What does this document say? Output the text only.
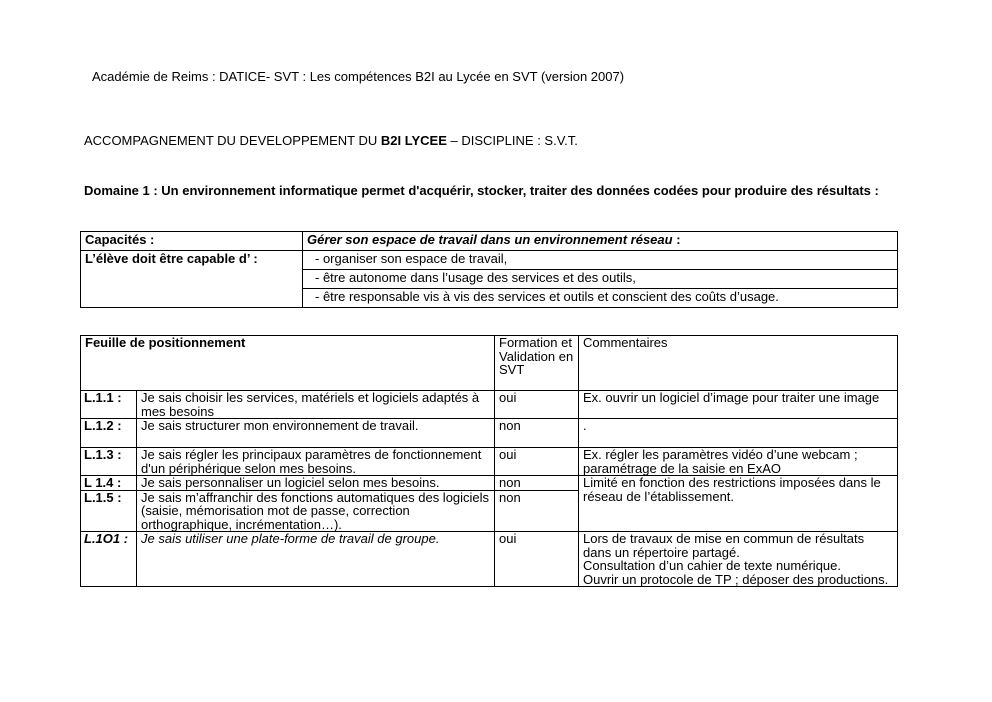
Académie de Reims : DATICE- SVT : Les compétences B2I au Lycée en SVT (version 2007)
ACCOMPAGNEMENT DU DEVELOPPEMENT DU B2I LYCEE – DISCIPLINE : S.V.T.
Domaine 1 : Un environnement informatique permet d'acquérir, stocker, traiter des données codées pour produire des résultats :
Capacités :	Gérer son espace de travail dans un environnement réseau :
L’élève doit être capable d’ :	- organiser son espace de travail,
	- être autonome dans l’usage des services et des outils,
	- être responsable vis à vis des services et outils et conscient des coûts d’usage.
Feuille de positionnement		Formation et Validation en SVT	Commentaires
L.1.1 :	Je sais choisir les services, matériels et logiciels adaptés à mes besoins	oui	Ex. ouvrir un logiciel d’image pour traiter une image
L.1.2 :	Je sais structurer mon environnement de travail.	non	.
L.1.3 :	Je sais régler les principaux paramètres de fonctionnement d'un périphérique selon mes besoins.	oui	Ex. régler les paramètres vidéo d’une webcam ; paramétrage de la saisie en ExAO
L 1.4 :	Je sais personnaliser un logiciel selon mes besoins.	non	Limité en fonction des restrictions imposées dans le réseau de l’établissement.
L.1.5 :	Je sais m’affranchir des fonctions automatiques des logiciels (saisie, mémorisation mot de passe, correction orthographique, incrémentation…).	non	
L.1O1 :	Je sais utiliser une plate-forme de travail de groupe.	oui	Lors de travaux de mise en commun de résultats dans un répertoire partagé.
Consultation d’un cahier de texte numérique.
Ouvrir un protocole de TP ; déposer des productions.
